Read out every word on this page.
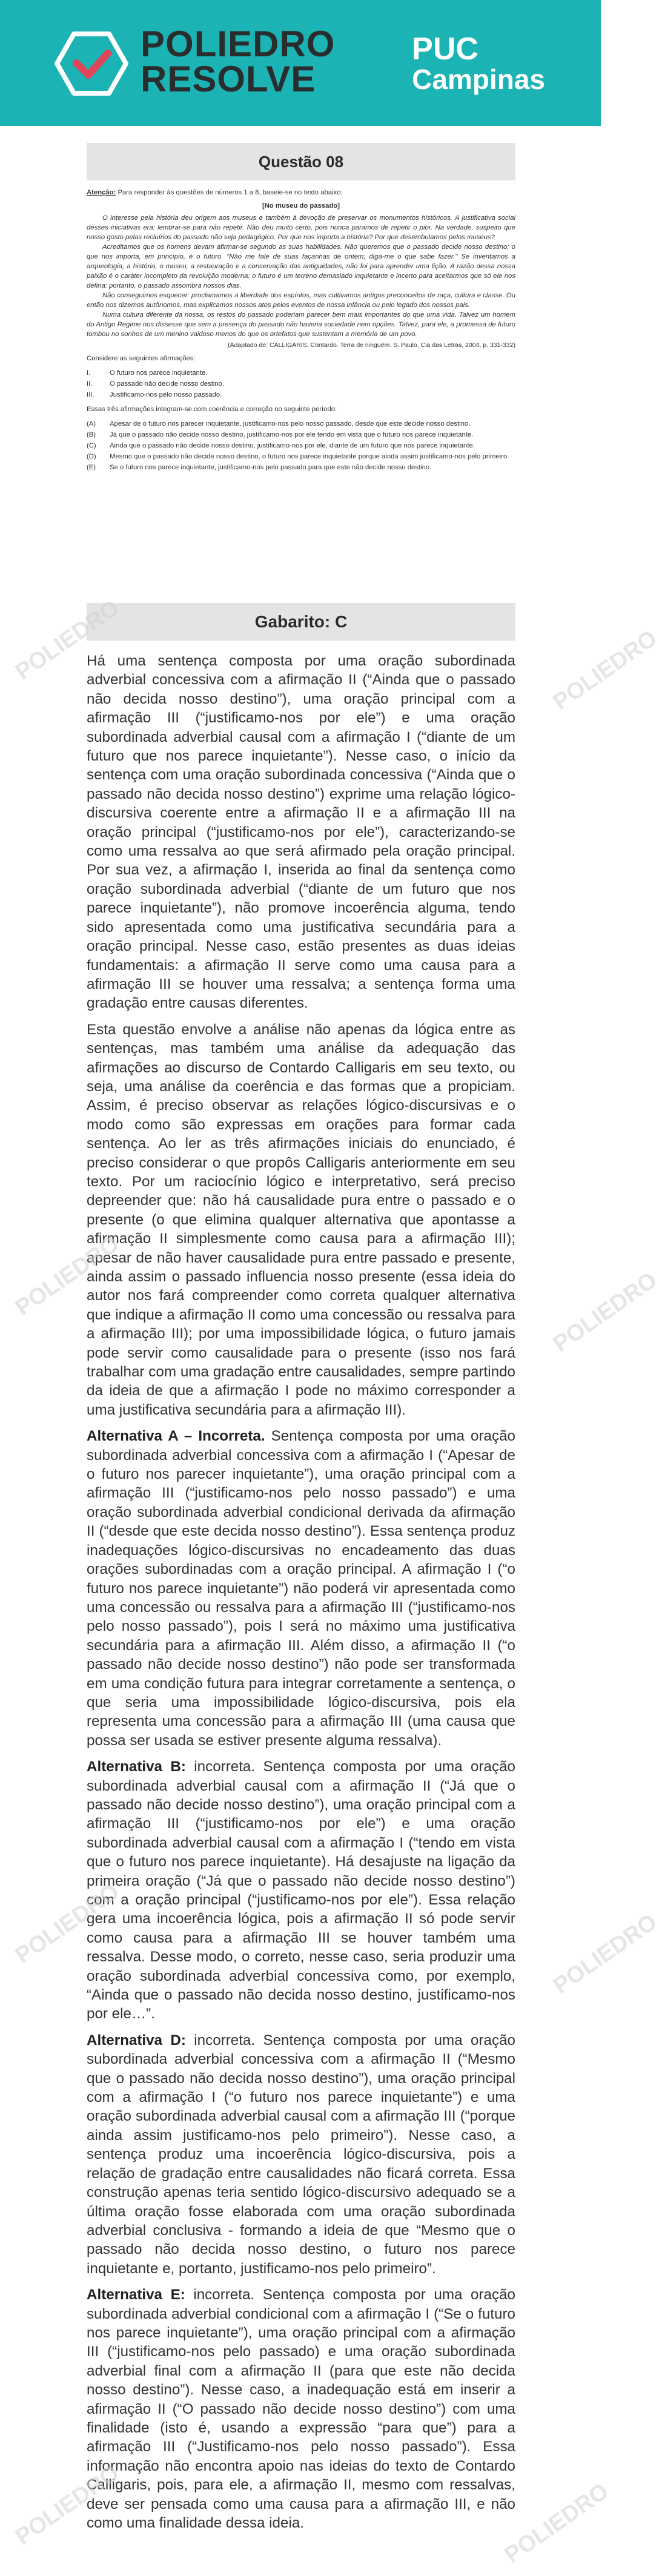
POLIEDRO
RESOLVE
PUC
Campinas
Questão 08

Atenção: Para responder às questões de números 1 a 8, baseie-se no texto abaixo:

[No museu do passado]

O interesse pela história deu origem aos museus e também à devoção de preservar os monumentos históricos. A justificativa social desses iniciativas era: lembrar-se para não repetir. Não deu muito certo, pois nunca paramos de repetir o pior. Na verdade, suspeito que nosso gosto pelas recluírios do passado não seja pedagógico. Por que nos importa a história? Por que desembulamos pelos museus?

Acreditamos que os homens devam afirmar-se segundo as suas habilidades. Não queremos que o passado decide nosso destino; o que nos importa, em princípio, é o futuro. "Não me fale de suas façanhas de ontem; diga-me o que sabe fazer." Se inventamos a arqueologia, a história, o museu, a restauração e a conservação das antiguidades, não foi para aprender uma lição. A razão dessa nossa paixão é o caráter incompleto da revolução moderna: o futuro é um terreno demasiado inquietante e incerto para aceitarmos que só ele nos defina: portanto, o passado assombra nossos dias.

Não conseguimos esquecer: proclamamos a liberdade dos espíritos, mas cultivamos antigos preconceitos de raça, cultura e classe. Ou então nos dizemos autônomos, mas explicamos nossos atos pelos eventos de nossa infância ou pelo legado dos nossos pais.

Numa cultura diferente da nossa, os restos do passado poderiam parecer bem mais importantes do que uma vida. Talvez um homem do Antigo Regime nos dissesse que sem a presença do passado não haveria sociedade nem opções. Talvez, para ele, a promessa de futuro tombou no sonhos de um menino vaidoso menos do que os artefatos que sustentam a memória de um povo.

(Adaptado de: CALLIGARIS, Contardo. Terra de ninguém. S. Paulo, Cia das Letras, 2004, p. 331-332)

Considere as seguintes afirmações:

I.	O futuro nos parece inquietante.
II.	O passado não decide nosso destino.
III.	Justificamo-nos pelo nosso passado.

Essas três afirmações integram-se com coerência e correção no seguinte período:

(A)	Apesar de o futuro nos parecer inquietante, justificamo-nos pelo nosso passado, desde que este decide nosso destino.
(B)	Já que o passado não decide nosso destino, justificamo-nos por ele tendo em vista que o futuro nos parece inquietante.
(C)	Ainda que o passado não decide nosso destino, justificamo-nos por ele, diante de um futuro que nos parece inquietante.
(D)	Mesmo que o passado não decide nosso destino, o futuro nos parece inquietante porque ainda assim justificamo-nos pelo primeiro.
(E)	Se o futuro nos parece inquietante, justificamo-nos pelo passado para que este não decide nosso destino.
Gabarito: C

Há uma sentença composta por uma oração subordinada adverbial concessiva com a afirmação II (“Ainda que o passado não decida nosso destino”), uma oração principal com a afirmação III (“justificamo-nos por ele”) e uma oração subordinada adverbial causal com a afirmação I (“diante de um futuro que nos parece inquietante”). Nesse caso, o início da sentença com uma oração subordinada concessiva (“Ainda que o passado não decida nosso destino”) exprime uma relação lógico-discursiva coerente entre a afirmação II e a afirmação III na oração principal (“justificamo-nos por ele”), caracterizando-se como uma ressalva ao que será afirmado pela oração principal. Por sua vez, a afirmação I, inserida ao final da sentença como oração subordinada adverbial (“diante de um futuro que nos parece inquietante”), não promove incoerência alguma, tendo sido apresentada como uma justificativa secundária para a oração principal. Nesse caso, estão presentes as duas ideias fundamentais: a afirmação II serve como uma causa para a afirmação III se houver uma ressalva; a sentença forma uma gradação entre causas diferentes.

Esta questão envolve a análise não apenas da lógica entre as sentenças, mas também uma análise da adequação das afirmações ao discurso de Contardo Calligaris em seu texto, ou seja, uma análise da coerência e das formas que a propiciam. Assim, é preciso observar as relações lógico-discursivas e o modo como são expressas em orações para formar cada sentença. Ao ler as três afirmações iniciais do enunciado, é preciso considerar o que propôs Calligaris anteriormente em seu texto. Por um raciocínio lógico e interpretativo, será preciso depreender que: não há causalidade pura entre o passado e o presente (o que elimina qualquer alternativa que apontasse a afirmação II simplesmente como causa para a afirmação III); apesar de não haver causalidade pura entre passado e presente, ainda assim o passado influencia nosso presente (essa ideia do autor nos fará compreender como correta qualquer alternativa que indique a afirmação II como uma concessão ou ressalva para a afirmação III); por uma impossibilidade lógica, o futuro jamais pode servir como causalidade para o presente (isso nos fará trabalhar com uma gradação entre causalidades, sempre partindo da ideia de que a afirmação I pode no máximo corresponder a uma justificativa secundária para a afirmação III).

Alternativa A – Incorreta. Sentença composta por uma oração subordinada adverbial concessiva com a afirmação I (“Apesar de o futuro nos parecer inquietante”), uma oração principal com a afirmação III (“justificamo-nos pelo nosso passado”) e uma oração subordinada adverbial condicional derivada da afirmação II (“desde que este decida nosso destino”). Essa sentença produz inadequações lógico-discursivas no encadeamento das duas orações subordinadas com a oração principal. A afirmação I (“o futuro nos parece inquietante”) não poderá vir apresentada como uma concessão ou ressalva para a afirmação III (“justificamo-nos pelo nosso passado”), pois I será no máximo uma justificativa secundária para a afirmação III. Além disso, a afirmação II (“o passado não decide nosso destino”) não pode ser transformada em uma condição futura para integrar corretamente a sentença, o que seria uma impossibilidade lógico-discursiva, pois ela representa uma concessão para a afirmação III (uma causa que possa ser usada se estiver presente alguma ressalva).

Alternativa B: incorreta. Sentença composta por uma oração subordinada adverbial causal com a afirmação II (“Já que o passado não decide nosso destino”), uma oração principal com a afirmação III (“justificamo-nos por ele”) e uma oração subordinada adverbial causal com a afirmação I (“tendo em vista que o futuro nos parece inquietante). Há desajuste na ligação da primeira oração (“Já que o passado não decide nosso destino”) com a oração principal (“justificamo-nos por ele”). Essa relação gera uma incoerência lógica, pois a afirmação II só pode servir como causa para a afirmação III se houver também uma ressalva. Desse modo, o correto, nesse caso, seria produzir uma oração subordinada adverbial concessiva como, por exemplo, “Ainda que o passado não decida nosso destino, justificamo-nos por ele…”.

Alternativa D: incorreta. Sentença composta por uma oração subordinada adverbial concessiva com a afirmação II (“Mesmo que o passado não decida nosso destino”), uma oração principal com a afirmação I (“o futuro nos parece inquietante”) e uma oração subordinada adverbial causal com a afirmação III (“porque ainda assim justificamo-nos pelo primeiro”). Nesse caso, a sentença produz uma incoerência lógico-discursiva, pois a relação de gradação entre causalidades não ficará correta. Essa construção apenas teria sentido lógico-discursivo adequado se a última oração fosse elaborada com uma oração subordinada adverbial conclusiva - formando a ideia de que “Mesmo que o passado não decida nosso destino, o futuro nos parece inquietante e, portanto, justificamo-nos pelo primeiro”.

Alternativa E: incorreta. Sentença composta por uma oração subordinada adverbial condicional com a afirmação I (“Se o futuro nos parece inquietante”), uma oração principal com a afirmação III (“justificamo-nos pelo passado) e uma oração subordinada adverbial final com a afirmação II (para que este não decida nosso destino”). Nesse caso, a inadequação está em inserir a afirmação II (“O passado não decide nosso destino”) com uma finalidade (isto é, usando a expressão “para que”) para a afirmação III (“Justificamo-nos pelo nosso passado”). Essa informação não encontra apoio nas ideias do texto de Contardo Calligaris, pois, para ele, a afirmação II, mesmo com ressalvas, deve ser pensada como uma causa para a afirmação III, e não como uma finalidade dessa ideia.

POLIEDRO	POLIEDRO
POLIEDRO	POLIEDRO
POLIEDRO	POLIEDRO
POLIEDRO	POLIEDRO
